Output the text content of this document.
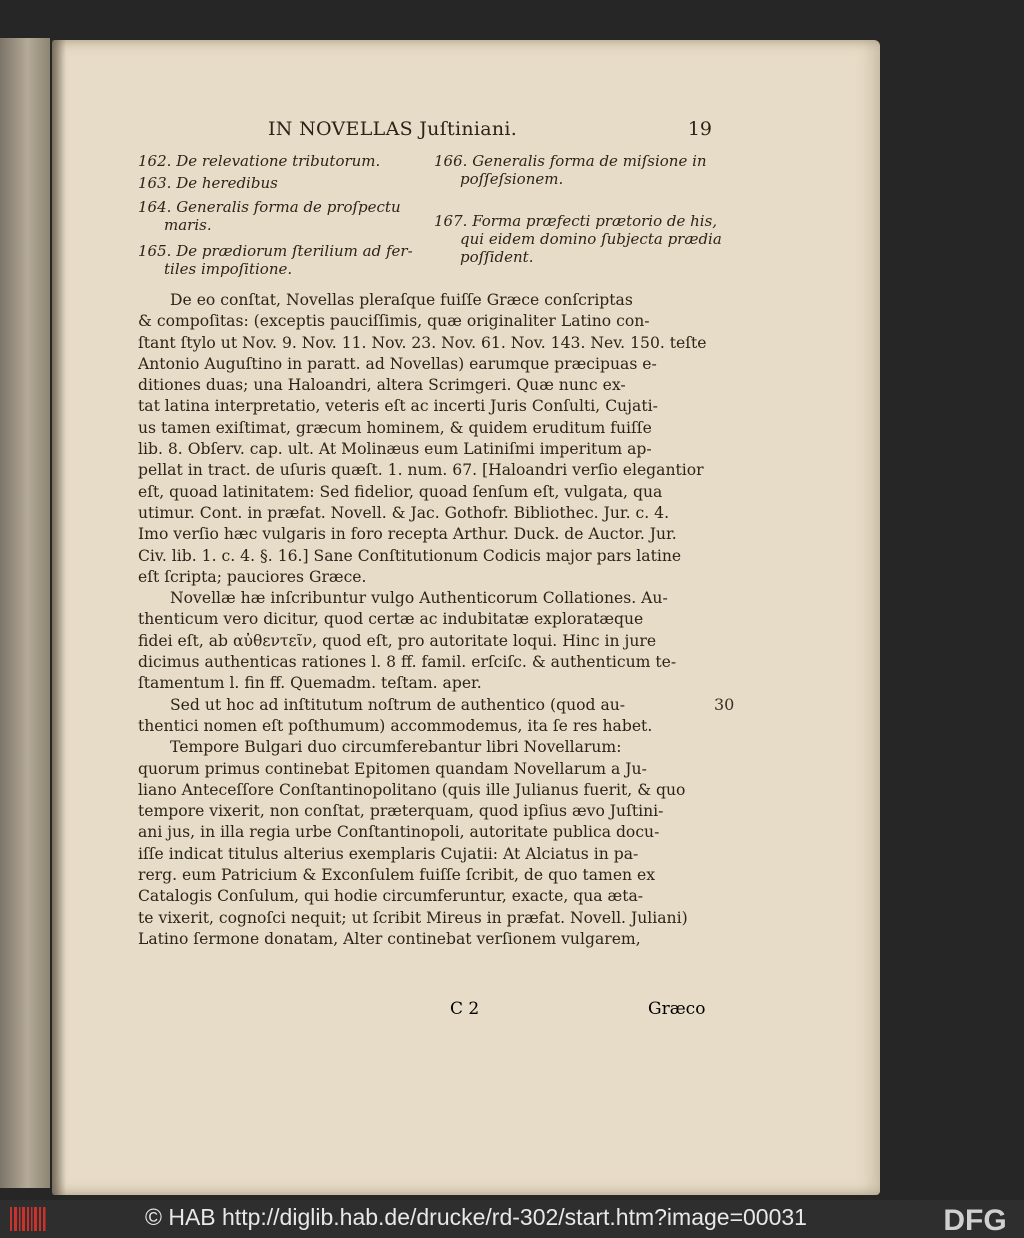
IN NOVELLAS Juſtiniani.	19
162. De relevatione tributorum.
163. De heredibus
164. Generalis forma de proſpectu
maris.
165. De prædiorum ſterilium ad fer-
tiles impoſitione.
166. Generalis forma de miſsione in
poſſeſsionem.
167. Forma præfecti prætorio de his,
qui eidem domino ſubjecta prædia
poſſident.

De eo conſtat, Novellas pleraſque fuiſſe Græce conſcriptas
& compoſitas: (exceptis pauciſſimis, quæ originaliter Latino con-
ſtant ſtylo ut Nov. 9. Nov. 11. Nov. 23. Nov. 61. Nov. 143. Nev. 150. teſte
Antonio Auguſtino in paratt. ad Novellas) earumque præcipuas e-
ditiones duas; una Haloandri, altera Scrimgeri. Quæ nunc ex-
tat latina interpretatio, veteris eſt ac incerti Juris Conſulti, Cujati-
us tamen exiſtimat, græcum hominem, & quidem eruditum fuiſſe
lib. 8. Obſerv. cap. ult. At Molinæus eum Latiniſmi imperitum ap-
pellat in tract. de uſuris quæſt. 1. num. 67. [Haloandri verſio elegantior
eſt, quoad latinitatem: Sed fidelior, quoad ſenſum eſt, vulgata, qua
utimur. Cont. in præfat. Novell. & Jac. Gothofr. Bibliothec. Jur. c. 4.
Imo verſio hæc vulgaris in foro recepta Arthur. Duck. de Auctor. Jur.
Civ. lib. 1. c. 4. §. 16.] Sane Conſtitutionum Codicis major pars latine
eſt ſcripta; pauciores Græce.

Novellæ hæ inſcribuntur vulgo Authenticorum Collationes. Au-
thenticum vero dicitur, quod certæ ac indubitatæ exploratæque
fidei eſt, ab αὐθεντεῖν, quod eſt, pro autoritate loqui. Hinc in jure
dicimus authenticas rationes l. 8 ff. famil. erſciſc. & authenticum te-
ſtamentum l. fin ff. Quemadm. teſtam. aper.

Sed ut hoc ad inſtitutum noſtrum de authentico (quod au-
thentici nomen eſt poſthumum) accommodemus, ita ſe res habet.

Tempore Bulgari duo circumferebantur libri Novellarum:
quorum primus continebat Epitomen quandam Novellarum a Ju-
liano Anteceſſore Conſtantinopolitano (quis ille Julianus fuerit, & quo
tempore vixerit, non conſtat, præterquam, quod ipſius ævo Juſtini-
ani jus, in illa regia urbe Conſtantinopoli, autoritate publica docu-
iſſe indicat titulus alterius exemplaris Cujatii: At Alciatus in pa-
rerg. eum Patricium & Exconſulem fuiſſe ſcribit, de quo tamen ex
Catalogis Conſulum, qui hodie circumferuntur, exacte, qua æta-
te vixerit, cognoſci nequit; ut ſcribit Mireus in præfat. Novell. Juliani)
Latino ſermone donatam, Alter continebat verſionem vulgarem,

C 2	Græco
30
© HAB http://diglib.hab.de/drucke/rd-302/start.htm?image=00031	DFG
